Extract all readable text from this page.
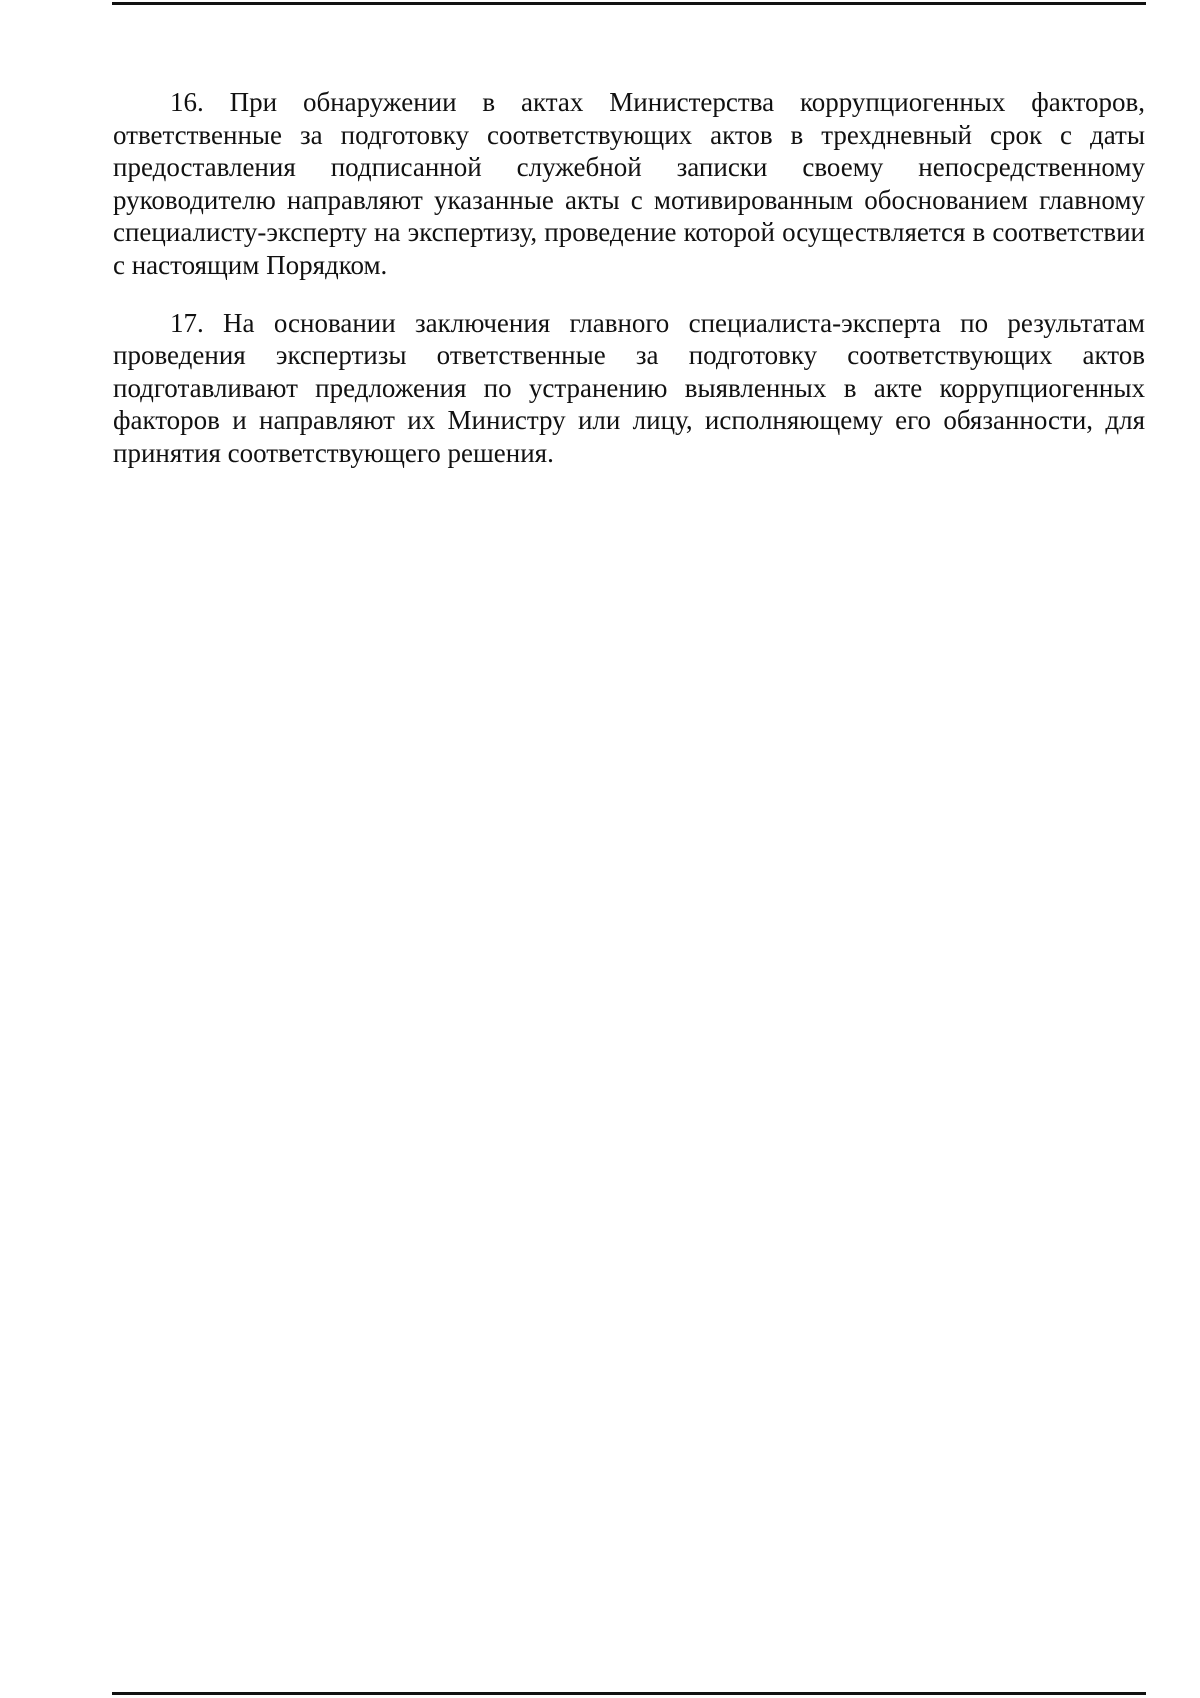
16. При обнаружении в актах Министерства коррупциогенных факторов, ответственные за подготовку соответствующих актов в трехдневный срок с даты предоставления подписанной служебной записки своему непосредственному руководителю направляют указанные акты с мотивированным обоснованием главному специалисту-эксперту на экспертизу, проведение которой осуществляется в соответствии с настоящим Порядком.

17. На основании заключения главного специалиста-эксперта по результатам проведения экспертизы ответственные за подготовку соответствующих актов подготавливают предложения по устранению выявленных в акте коррупциогенных факторов и направляют их Министру или лицу, исполняющему его обязанности, для принятия соответствующего решения.
